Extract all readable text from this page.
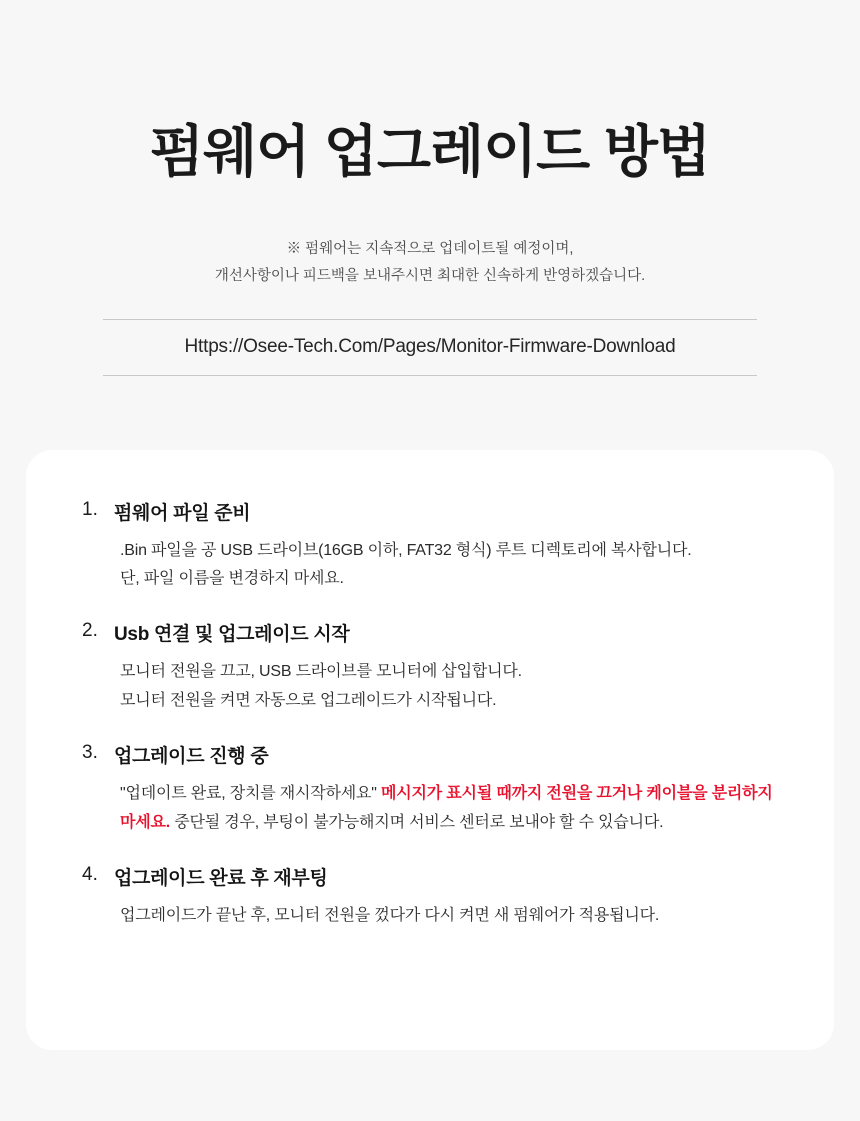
펌웨어 업그레이드 방법
※ 펌웨어는 지속적으로 업데이트될 예정이며,
개선사항이나 피드백을 보내주시면 최대한 신속하게 반영하겠습니다.
Https://Osee-Tech.Com/Pages/Monitor-Firmware-Download
1. 펌웨어 파일 준비
.Bin 파일을 공 USB 드라이브(16GB 이하, FAT32 형식) 루트 디렉토리에 복사합니다.
단, 파일 이름을 변경하지 마세요.
2. Usb 연결 및 업그레이드 시작
모니터 전원을 끄고, USB 드라이브를 모니터에 삽입합니다.
모니터 전원을 켜면 자동으로 업그레이드가 시작됩니다.
3. 업그레이드 진행 중
"업데이트 완료, 장치를 재시작하세요" 메시지가 표시될 때까지 전원을 끄거나 케이블을 분리하지 마세요. 중단될 경우, 부팅이 불가능해지며 서비스 센터로 보내야 할 수 있습니다.
4. 업그레이드 완료 후 재부팅
업그레이드가 끝난 후, 모니터 전원을 껐다가 다시 켜면 새 펌웨어가 적용됩니다.
